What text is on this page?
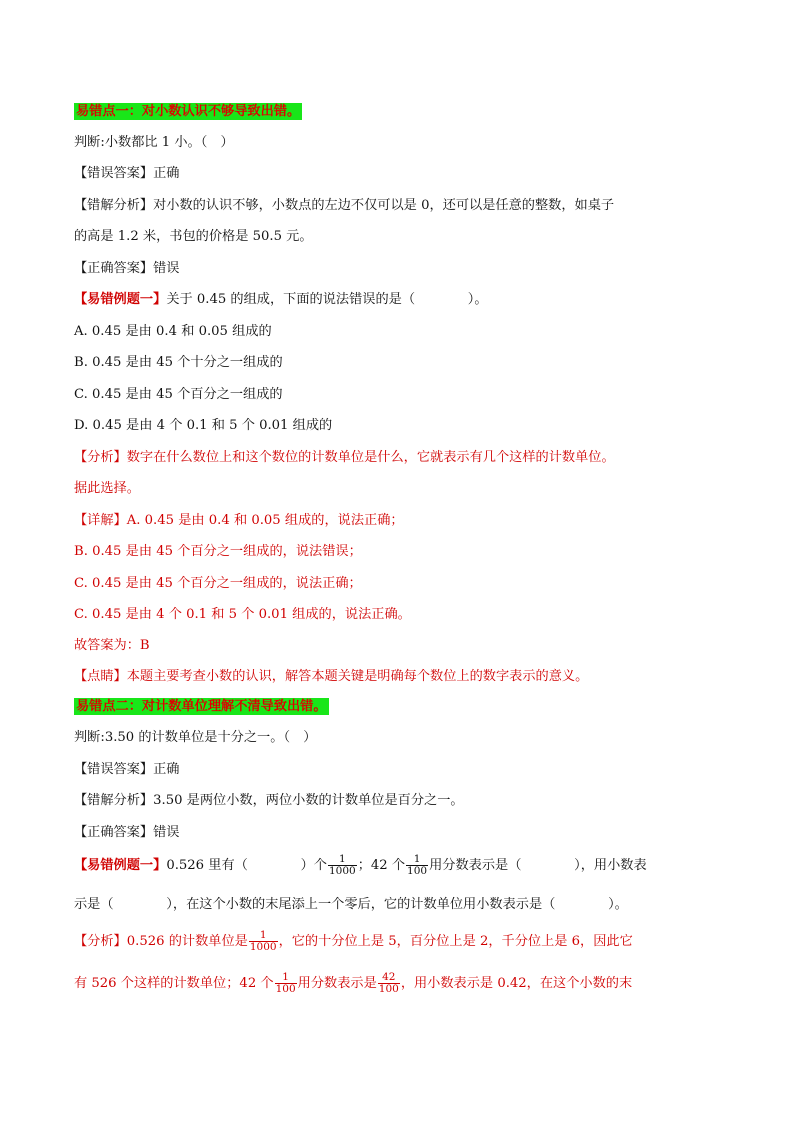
易错点一：对小数认识不够导致出错。
判断:小数都比 1 小。（　）
【错误答案】正确
【错解分析】对小数的认识不够，小数点的左边不仅可以是 0，还可以是任意的整数，如桌子
的高是 1.2 米，书包的价格是 50.5 元。
【正确答案】错误
【易错例题一】关于 0.45 的组成，下面的说法错误的是（　　　　）。
A. 0.45 是由 0.4 和 0.05 组成的
B. 0.45 是由 45 个十分之一组成的
C. 0.45 是由 45 个百分之一组成的
D. 0.45 是由 4 个 0.1 和 5 个 0.01 组成的
【分析】数字在什么数位上和这个数位的计数单位是什么，它就表示有几个这样的计数单位。
据此选择。
【详解】A. 0.45 是由 0.4 和 0.05 组成的，说法正确；
B. 0.45 是由 45 个百分之一组成的，说法错误；
C. 0.45 是由 45 个百分之一组成的，说法正确；
C. 0.45 是由 4 个 0.1 和 5 个 0.01 组成的，说法正确。
故答案为：B
【点睛】本题主要考查小数的认识，解答本题关键是明确每个数位上的数字表示的意义。
易错点二：对计数单位理解不清导致出错。
判断:3.50 的计数单位是十分之一。（　）
【错误答案】正确
【错解分析】3.50 是两位小数，两位小数的计数单位是百分之一。
【正确答案】错误
【易错例题一】0.526 里有（　　　　）个 $\frac{1}{1000}$ ；42 个 $\frac{1}{100}$ 用分数表示是（　　　　），用小数表
示是（　　　　），在这个小数的末尾添上一个零后，它的计数单位用小数表示是（　　　　）。
【分析】0.526 的计数单位是 $\frac{1}{1000}$ ，它的十分位上是 5，百分位上是 2，千分位上是 6，因此它
有 526 个这样的计数单位；42 个 $\frac{1}{100}$ 用分数表示是 $\frac{42}{100}$ ，用小数表示是 0.42，在这个小数的末
